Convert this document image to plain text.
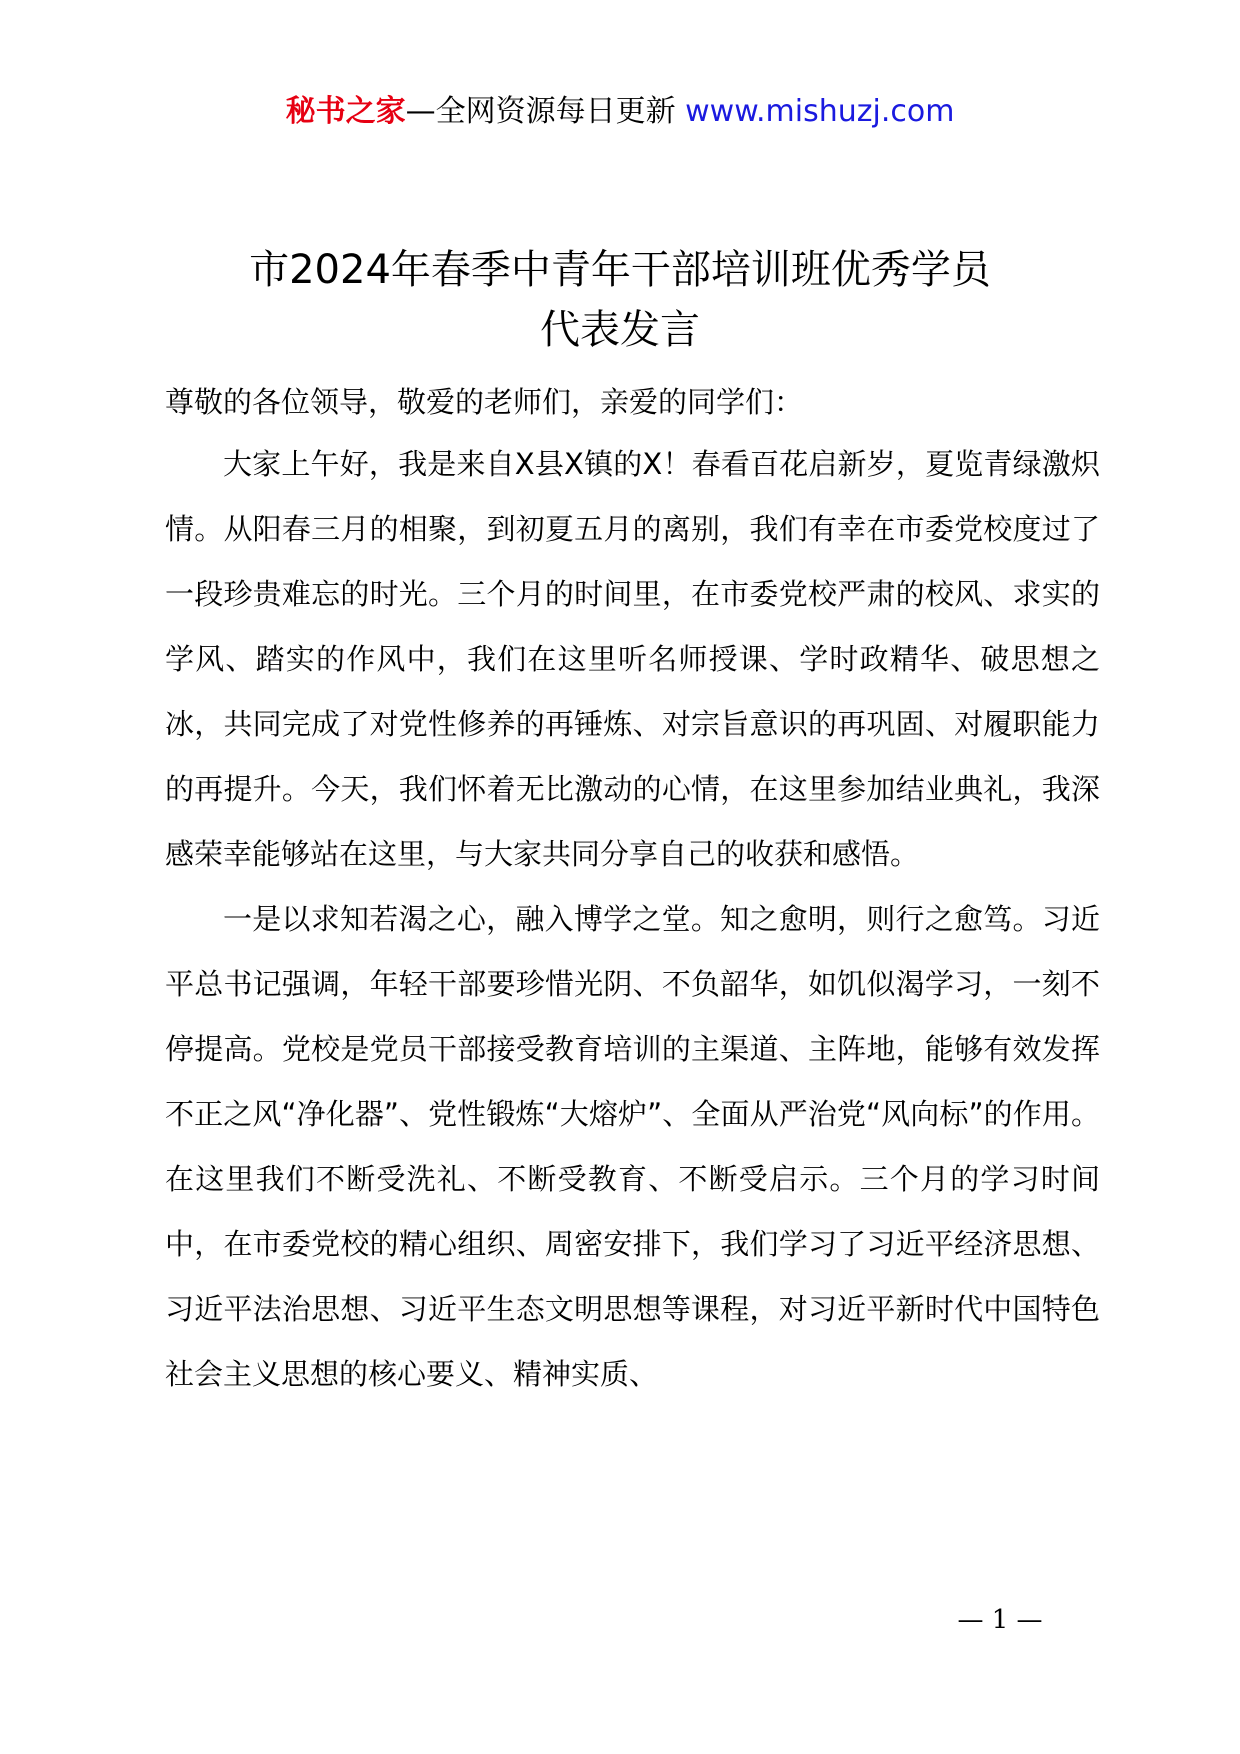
秘书之家—全网资源每日更新 www.mishuzj.com
市2024年春季中青年干部培训班优秀学员
代表发言

尊敬的各位领导，敬爱的老师们，亲爱的同学们：

大家上午好，我是来自X县X镇的X！春看百花启新岁，夏览青绿激炽情。从阳春三月的相聚，到初夏五月的离别，我们有幸在市委党校度过了一段珍贵难忘的时光。三个月的时间里，在市委党校严肃的校风、求实的学风、踏实的作风中，我们在这里听名师授课、学时政精华、破思想之冰，共同完成了对党性修养的再锤炼、对宗旨意识的再巩固、对履职能力的再提升。今天，我们怀着无比激动的心情，在这里参加结业典礼，我深感荣幸能够站在这里，与大家共同分享自己的收获和感悟。

一是以求知若渴之心，融入博学之堂。知之愈明，则行之愈笃。习近平总书记强调，年轻干部要珍惜光阴、不负韶华，如饥似渴学习，一刻不停提高。党校是党员干部接受教育培训的主渠道、主阵地，能够有效发挥不正之风“净化器”、党性锻炼“大熔炉”、全面从严治党“风向标”的作用。在这里我们不断受洗礼、不断受教育、不断受启示。三个月的学习时间中，在市委党校的精心组织、周密安排下，我们学习了习近平经济思想、习近平法治思想、习近平生态文明思想等课程，对习近平新时代中国特色社会主义思想的核心要义、精神实质、

— 1 —
